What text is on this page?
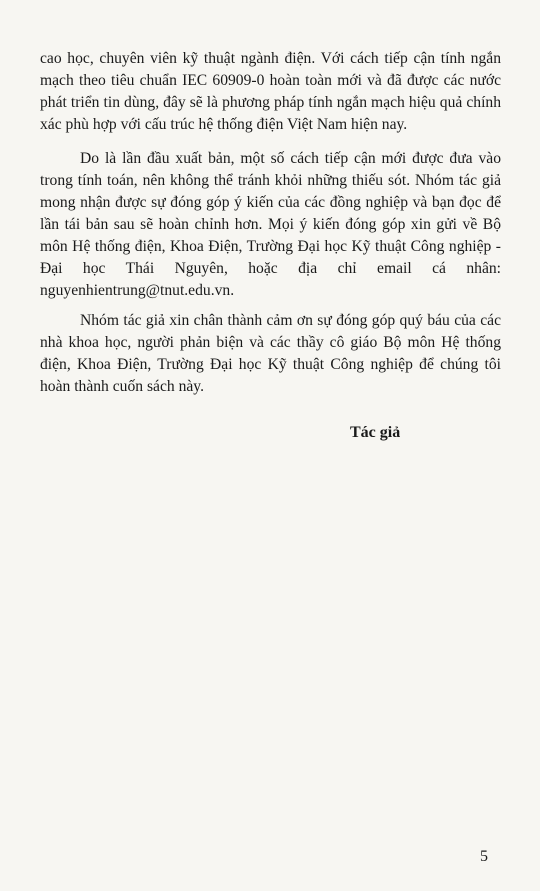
cao học, chuyên viên kỹ thuật ngành điện. Với cách tiếp cận tính ngắn mạch theo tiêu chuẩn IEC 60909-0 hoàn toàn mới và đã được các nước phát triển tin dùng, đây sẽ là phương pháp tính ngắn mạch hiệu quả chính xác phù hợp với cấu trúc hệ thống điện Việt Nam hiện nay.

Do là lần đầu xuất bản, một số cách tiếp cận mới được đưa vào trong tính toán, nên không thể tránh khỏi những thiếu sót. Nhóm tác giả mong nhận được sự đóng góp ý kiến của các đồng nghiệp và bạn đọc để lần tái bản sau sẽ hoàn chỉnh hơn. Mọi ý kiến đóng góp xin gửi về Bộ môn Hệ thống điện, Khoa Điện, Trường Đại học Kỹ thuật Công nghiệp - Đại học Thái Nguyên, hoặc địa chỉ email cá nhân: nguyenhientrung@tnut.edu.vn.

Nhóm tác giả xin chân thành cảm ơn sự đóng góp quý báu của các nhà khoa học, người phản biện và các thầy cô giáo Bộ môn Hệ thống điện, Khoa Điện, Trường Đại học Kỹ thuật Công nghiệp để chúng tôi hoàn thành cuốn sách này.

Tác giả
5
